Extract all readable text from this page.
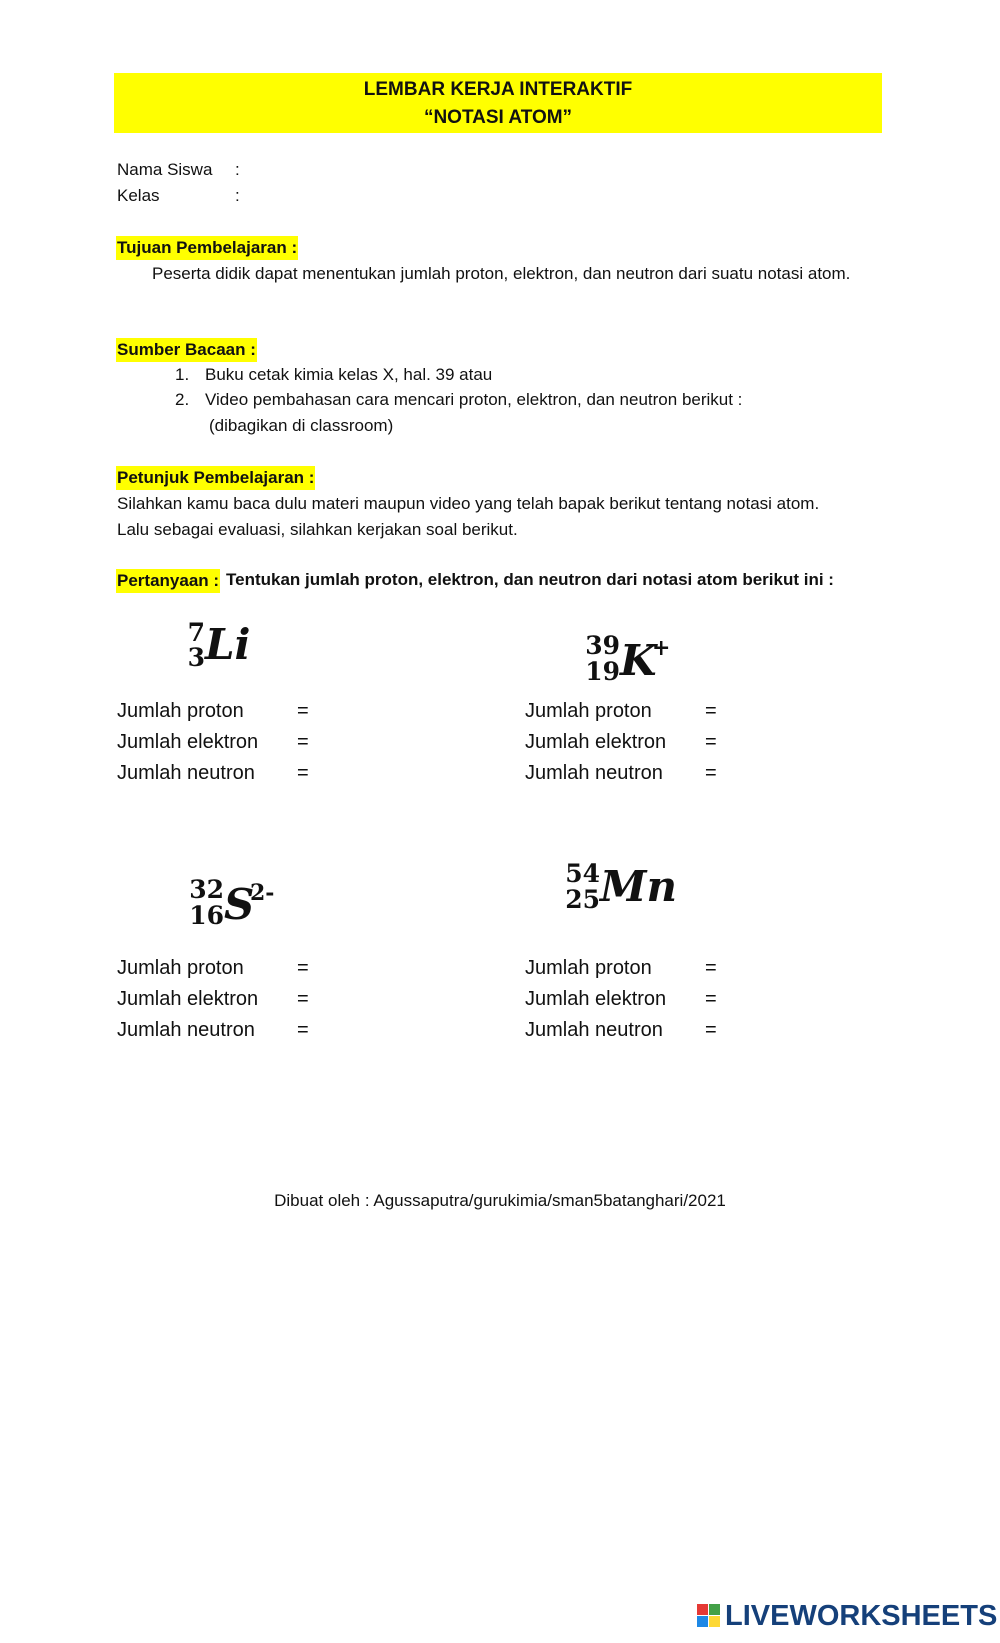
LEMBAR KERJA INTERAKTIF
“NOTASI ATOM”
Nama Siswa :
Kelas	:
Tujuan Pembelajaran :
Peserta didik dapat menentukan jumlah proton, elektron, dan neutron dari suatu notasi atom.
Sumber Bacaan :
1. Buku cetak kimia kelas X, hal. 39 atau
2. Video pembahasan cara mencari proton, elektron, dan neutron berikut :
(dibagikan di classroom)
Petunjuk Pembelajaran :
Silahkan kamu baca dulu materi maupun video yang telah bapak berikut tentang notasi atom.
Lalu sebagai evaluasi, silahkan kerjakan soal berikut.
Pertanyaan : Tentukan jumlah proton, elektron, dan neutron dari notasi atom berikut ini :
7
3 Li	39
19 K
+
Jumlah proton	=
Jumlah elektron =
Jumlah neutron =
Jumlah proton	=
Jumlah elektron =
Jumlah neutron =
32
16 S
2-
54
25 Mn
Jumlah proton	=
Jumlah elektron =
Jumlah neutron =
Jumlah proton	=
Jumlah elektron =
Jumlah neutron =
Dibuat oleh : Agussaputra/gurukimia/sman5batanghari/2021
LIVEWORKSHEETS
